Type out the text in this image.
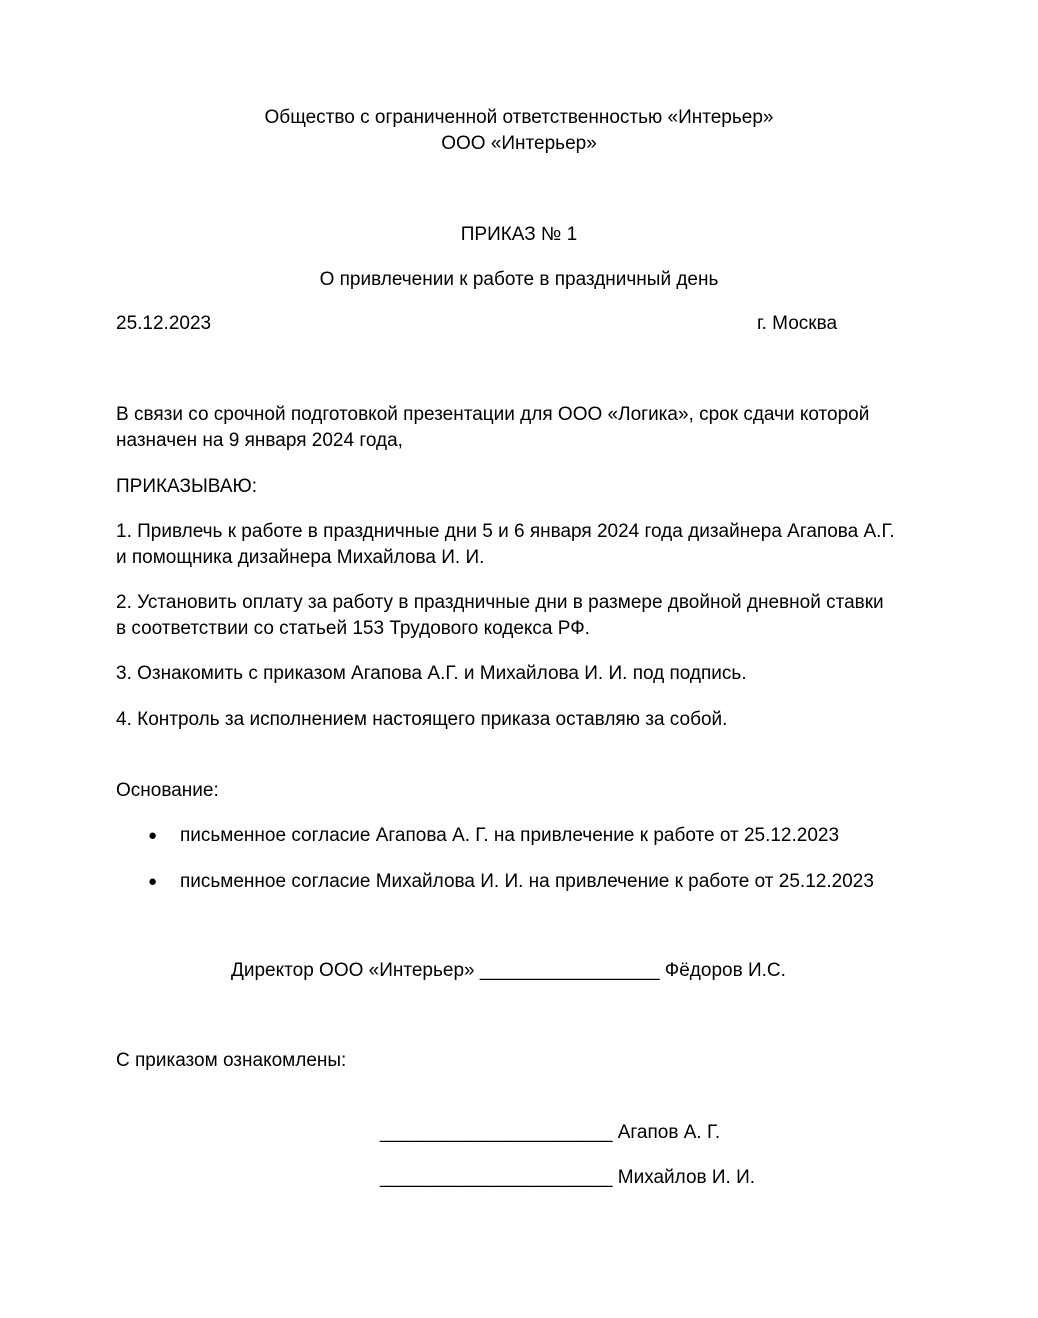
Общество с ограниченной ответственностью «Интерьер»
ООО «Интерьер»
ПРИКАЗ № 1
О привлечении к работе в праздничный день
25.12.2023	г. Москва
В связи со срочной подготовкой презентации для ООО «Логика», срок сдачи которой
назначен на 9 января 2024 года,
ПРИКАЗЫВАЮ:
1. Привлечь к работе в праздничные дни 5 и 6 января 2024 года дизайнера Агапова А.Г.
и помощника дизайнера Михайлова И. И.
2. Установить оплату за работу в праздничные дни в размере двойной дневной ставки
в соответствии со статьей 153 Трудового кодекса РФ.
3. Ознакомить с приказом Агапова А.Г. и Михайлова И. И. под подпись.
4. Контроль за исполнением настоящего приказа оставляю за собой.
Основание:
● письменное согласие Агапова А. Г. на привлечение к работе от 25.12.2023
● письменное согласие Михайлова И. И. на привлечение к работе от 25.12.2023
Директор ООО «Интерьер» _________________ Фёдоров И.С.
С приказом ознакомлены:
______________________ Агапов А. Г.
______________________ Михайлов И. И.
